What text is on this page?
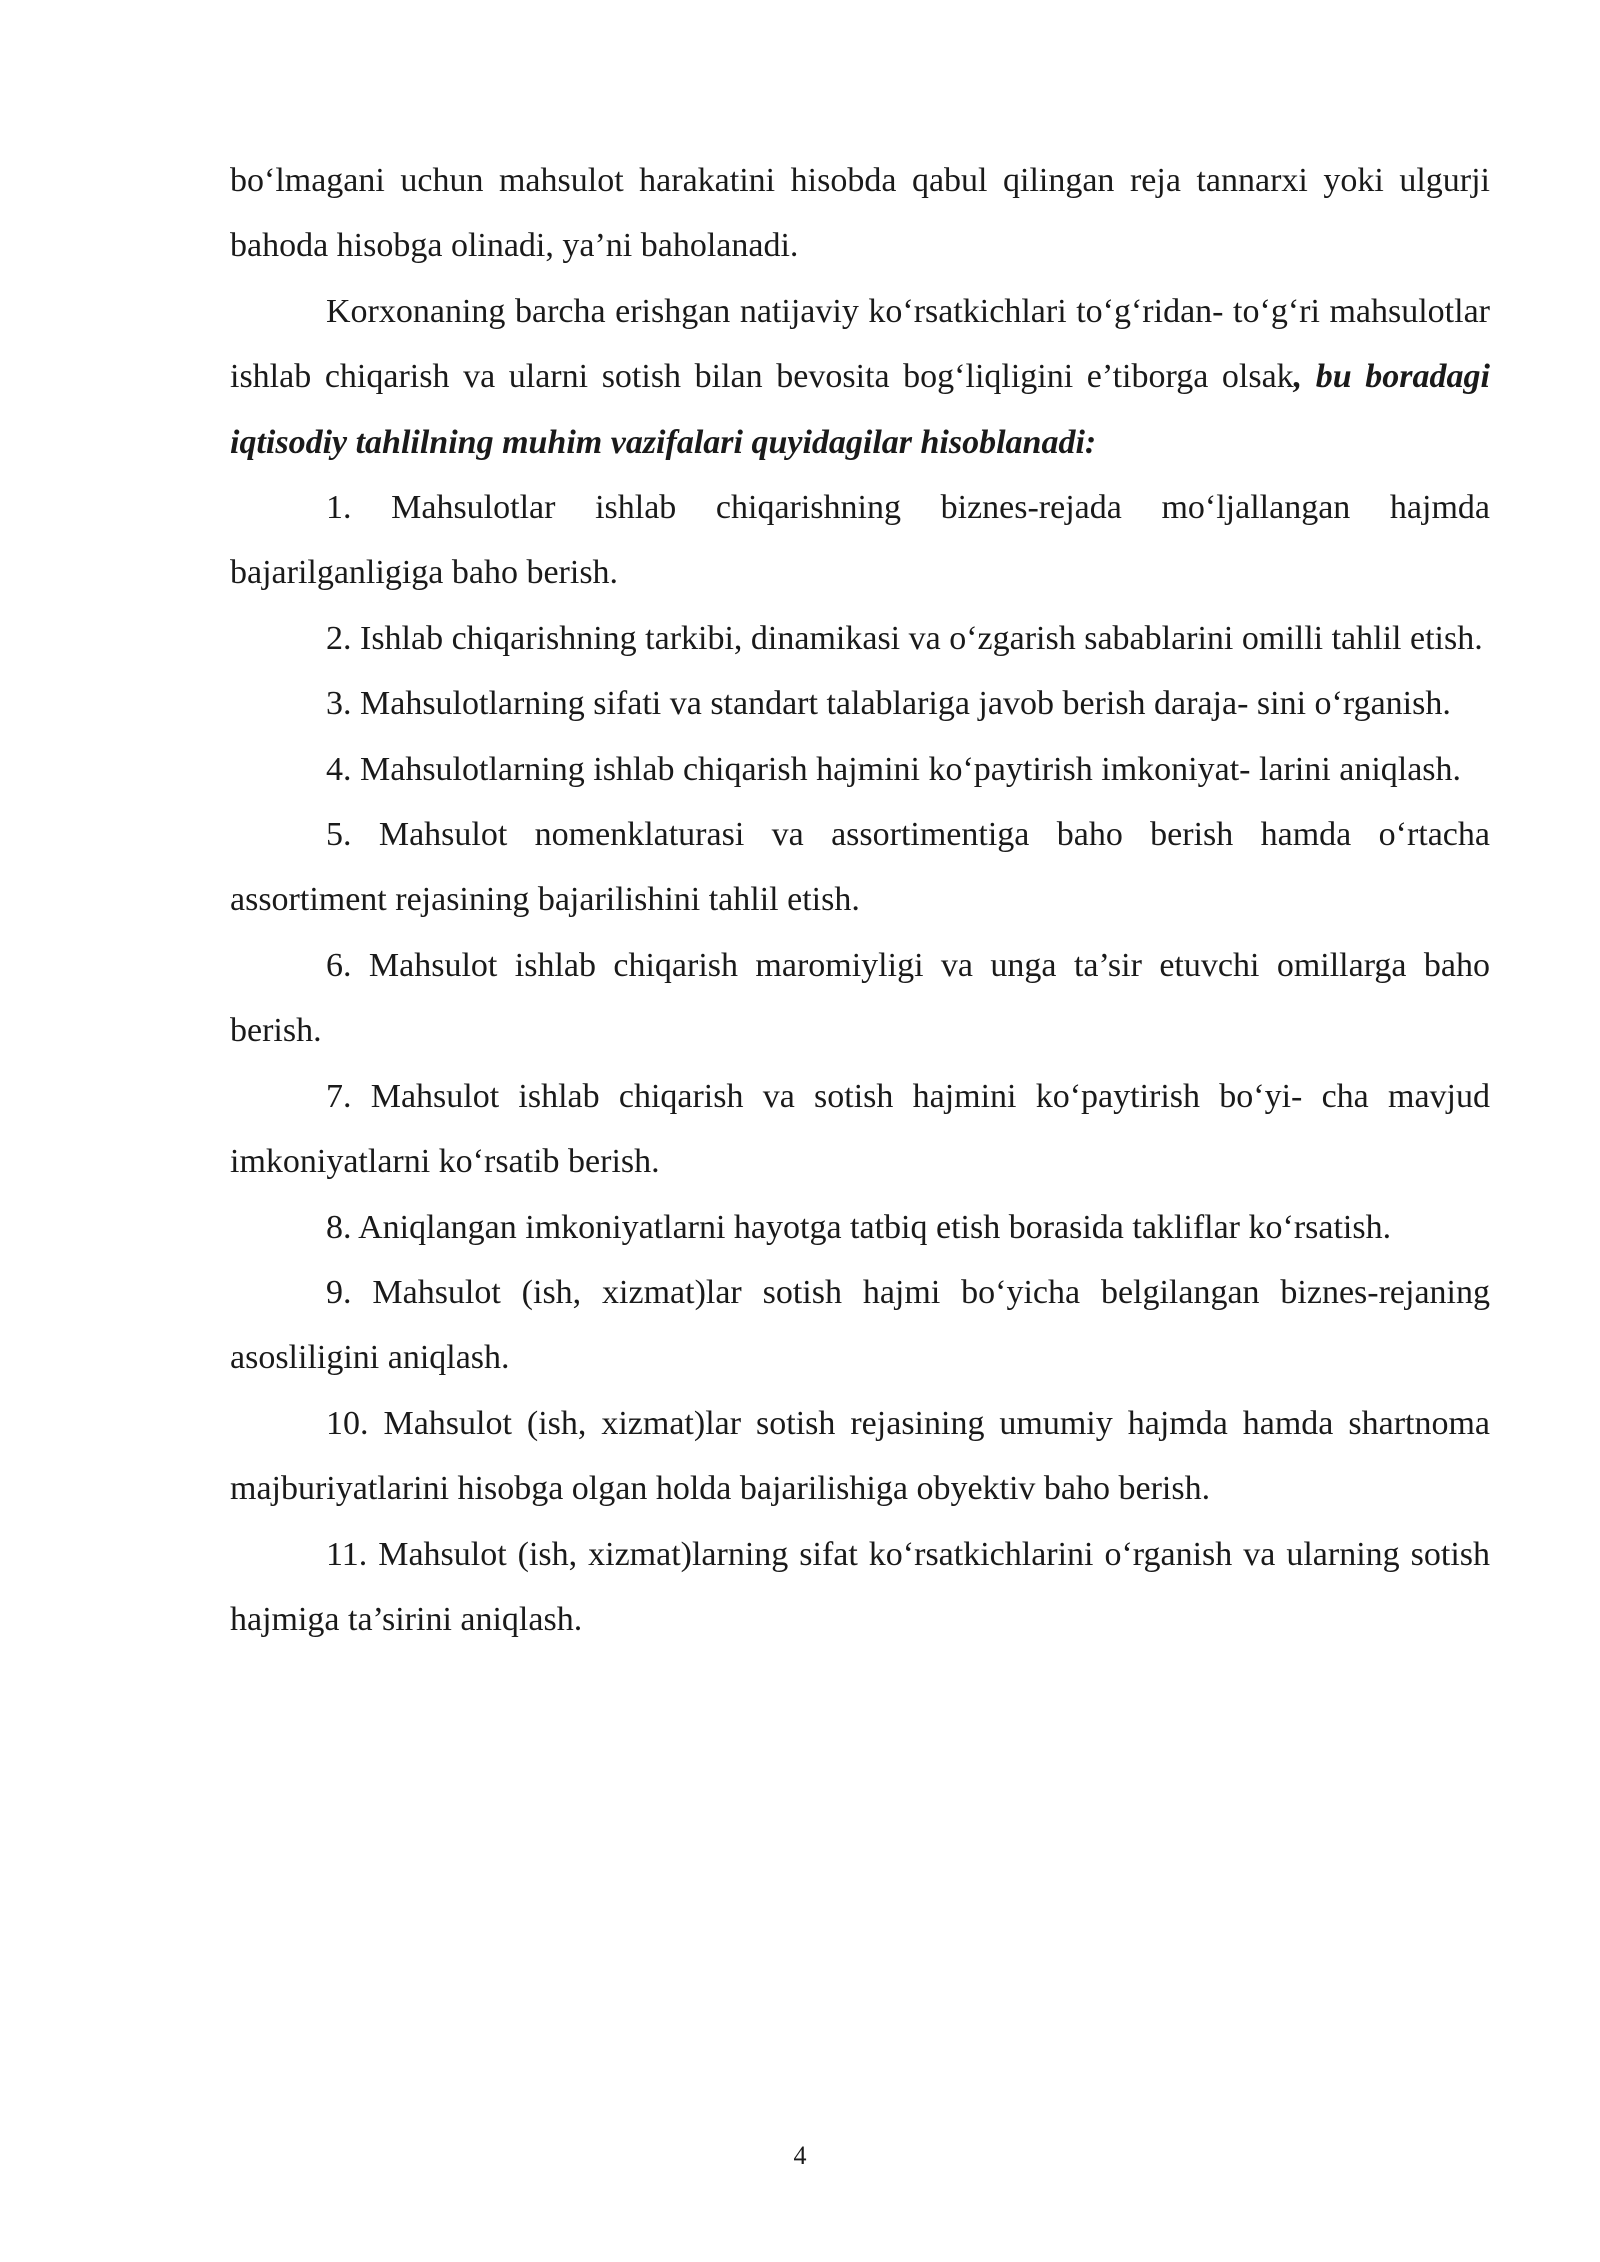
bo‘lmagani uchun mahsulot harakatini hisobda qabul qilingan reja tannarxi yoki ulgurji bahoda hisobga olinadi, ya’ni baholanadi.

Korxonaning barcha erishgan natijaviy ko‘rsatkichlari to‘g‘ridan- to‘g‘ri mahsulotlar ishlab chiqarish va ularni sotish bilan bevosita bog‘liqligini e’tiborga olsak, bu boradagi iqtisodiy tahlilning muhim vazifalari quyidagilar hisoblanadi:

1. Mahsulotlar ishlab chiqarishning biznes-rejada mo‘ljallangan hajmda bajarilganligiga baho berish.

2. Ishlab chiqarishning tarkibi, dinamikasi va o‘zgarish sabablarini omilli tahlil etish.

3. Mahsulotlarning sifati va standart talablariga javob berish daraja- sini o‘rganish.

4. Mahsulotlarning ishlab chiqarish hajmini ko‘paytirish imkoniyat- larini aniqlash.

5. Mahsulot nomenklaturasi va assortimentiga baho berish hamda o‘rtacha assortiment rejasining bajarilishini tahlil etish.

6. Mahsulot ishlab chiqarish maromiyligi va unga ta’sir etuvchi omillarga baho berish.

7. Mahsulot ishlab chiqarish va sotish hajmini ko‘paytirish bo‘yi- cha mavjud imkoniyatlarni ko‘rsatib berish.

8. Aniqlangan imkoniyatlarni hayotga tatbiq etish borasida takliflar ko‘rsatish.

9. Mahsulot (ish, xizmat)lar sotish hajmi bo‘yicha belgilangan biznes-rejaning asosliligini aniqlash.

10. Mahsulot (ish, xizmat)lar sotish rejasining umumiy hajmda hamda shartnoma majburiyatlarini hisobga olgan holda bajarilishiga obyektiv baho berish.

11. Mahsulot (ish, xizmat)larning sifat ko‘rsatkichlarini o‘rganish va ularning sotish hajmiga ta’sirini aniqlash.

4
